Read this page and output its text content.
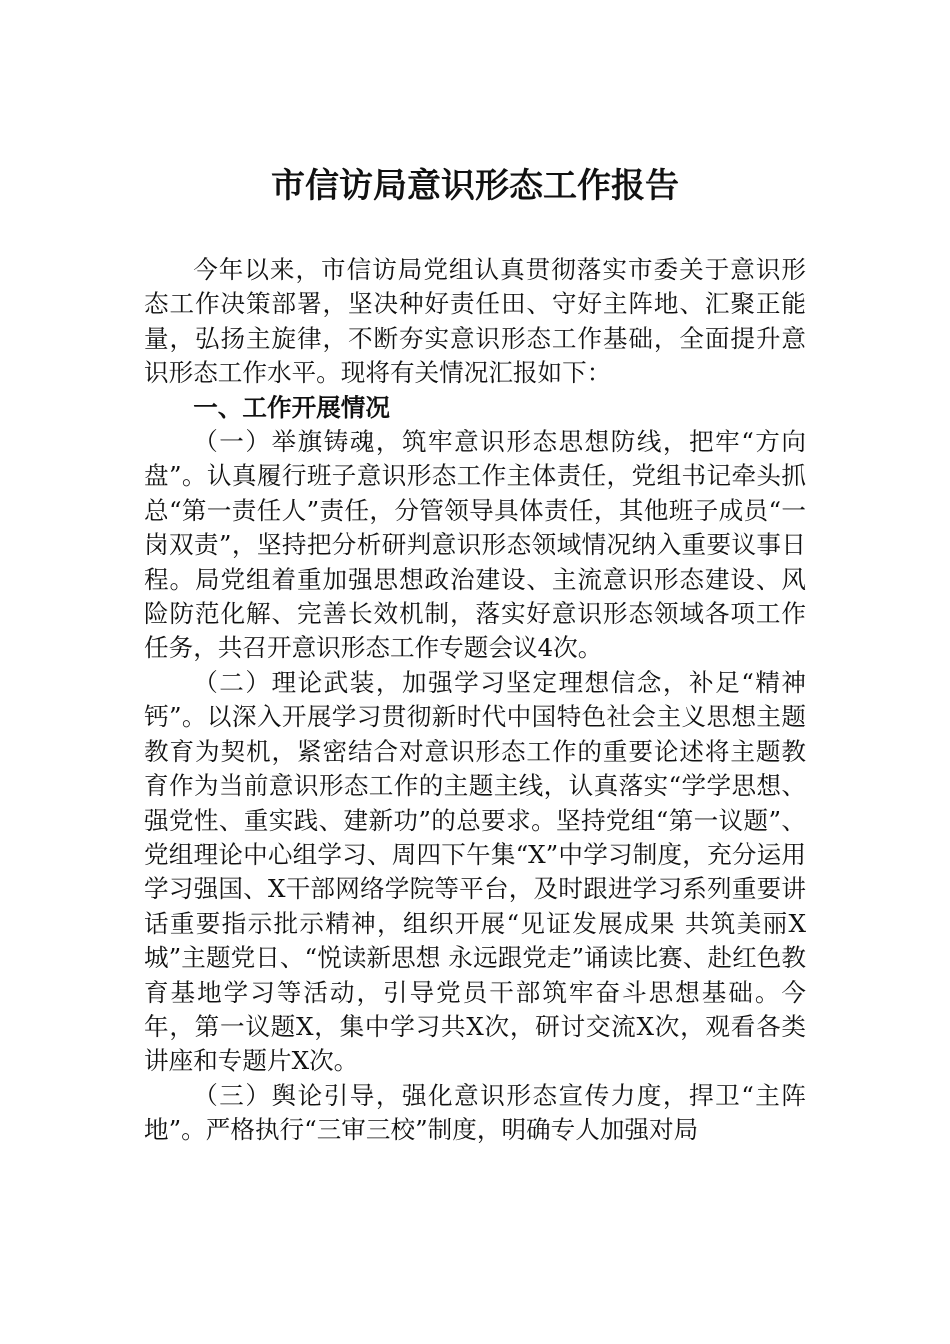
市信访局意识形态工作报告

今年以来，市信访局党组认真贯彻落实市委关于意识形态工作决策部署，坚决种好责任田、守好主阵地、汇聚正能量，弘扬主旋律，不断夯实意识形态工作基础，全面提升意识形态工作水平。现将有关情况汇报如下：

一、工作开展情况

（一）举旗铸魂，筑牢意识形态思想防线，把牢“方向盘”。认真履行班子意识形态工作主体责任，党组书记牵头抓总“第一责任人”责任，分管领导具体责任，其他班子成员“一岗双责”，坚持把分析研判意识形态领域情况纳入重要议事日程。局党组着重加强思想政治建设、主流意识形态建设、风险防范化解、完善长效机制，落实好意识形态领域各项工作任务，共召开意识形态工作专题会议4次。

（二）理论武装，加强学习坚定理想信念，补足“精神钙”。以深入开展学习贯彻新时代中国特色社会主义思想主题教育为契机，紧密结合对意识形态工作的重要论述将主题教育作为当前意识形态工作的主题主线，认真落实“学学思想、强党性、重实践、建新功”的总要求。坚持党组“第一议题”、党组理论中心组学习、周四下午集“X”中学习制度，充分运用学习强国、X干部网络学院等平台，及时跟进学习系列重要讲话重要指示批示精神，组织开展“见证发展成果 共筑美丽X城”主题党日、“悦读新思想 永远跟党走”诵读比赛、赴红色教育基地学习等活动，引导党员干部筑牢奋斗思想基础。今年，第一议题X，集中学习共X次，研讨交流X次，观看各类讲座和专题片X次。

（三）舆论引导，强化意识形态宣传力度，捍卫“主阵地”。严格执行“三审三校”制度，明确专人加强对局
